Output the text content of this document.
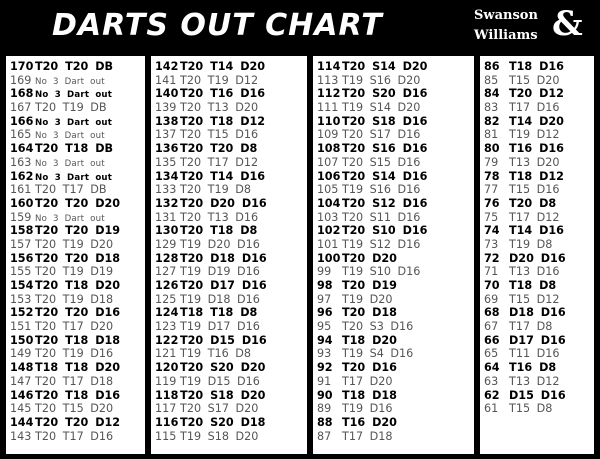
DARTS OUT CHART	Swanson
Williams &
170 T20 T20 DB
169 No 3 Dart out
168 No 3 Dart out
167 T20 T19 DB
166 No 3 Dart out
165 No 3 Dart out
164 T20 T18 DB
163 No 3 Dart out
162 No 3 Dart out
161 T20 T17 DB
160 T20 T20 D20
159 No 3 Dart out
158 T20 T20 D19
157 T20 T19 D20
156 T20 T20 D18
155 T20 T19 D19
154 T20 T18 D20
153 T20 T19 D18
152 T20 T20 D16
151 T20 T17 D20
150 T20 T18 D18
149 T20 T19 D16
148 T18 T18 D20
147 T20 T17 D18
146 T20 T18 D16
145 T20 T15 D20
144 T20 T20 D12
143 T20 T17 D16
142 T20 T14 D20
141 T20 T19 D12
140 T20 T16 D16
139 T20 T13 D20
138 T20 T18 D12
137 T20 T15 D16
136 T20 T20 D8
135 T20 T17 D12
134 T20 T14 D16
133 T20 T19 D8
132 T20 D20 D16
131 T20 T13 D16
130 T20 T18 D8
129 T19 D20 D16
128 T20 D18 D16
127 T19 D19 D16
126 T20 D17 D16
125 T19 D18 D16
124 T18 T18 D8
123 T19 D17 D16
122 T20 D15 D16
121 T19 T16 D8
120 T20 S20 D20
119 T19 D15 D16
118 T20 S18 D20
117 T20 S17 D20
116 T20 S20 D18
115 T19 S18 D20
114 T20 S14 D20
113 T19 S16 D20
112 T20 S20 D16
111 T19 S14 D20
110 T20 S18 D16
109 T20 S17 D16
108 T20 S16 D16
107 T20 S15 D16
106 T20 S14 D16
105 T19 S16 D16
104 T20 S12 D16
103 T20 S11 D16
102 T20 S10 D16
101 T19 S12 D16
100 T20 D20
99 T19 S10 D16
98 T20 D19
97 T19 D20
96 T20 D18
95 T20 S3 D16
94 T18 D20
93 T19 S4 D16
92 T20 D16
91 T17 D20
90 T18 D18
89 T19 D16
88 T16 D20
87 T17 D18
86 T18 D16
85 T15 D20
84 T20 D12
83 T17 D16
82 T14 D20
81 T19 D12
80 T16 D16
79 T13 D20
78 T18 D12
77 T15 D16
76 T20 D8
75 T17 D12
74 T14 D16
73 T19 D8
72 D20 D16
71 T13 D16
70 T18 D8
69 T15 D12
68 D18 D16
67 T17 D8
66 D17 D16
65 T11 D16
64 T16 D8
63 T13 D12
62 D15 D16
61 T15 D8
